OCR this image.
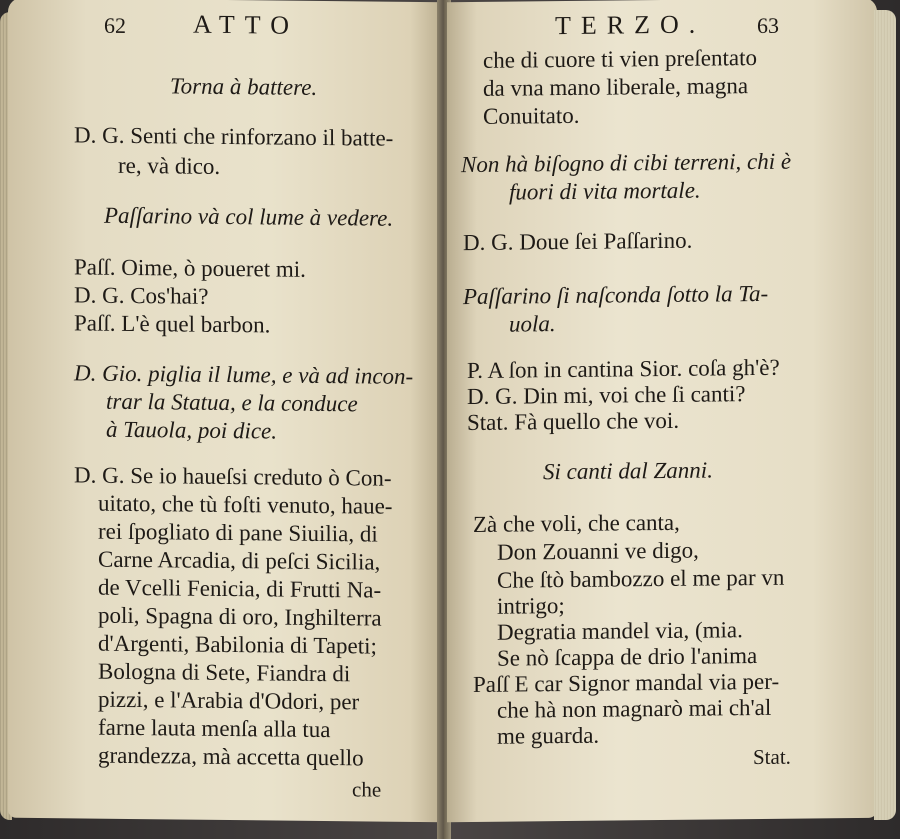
62	ATTO
Torna à battere.
D. G. Senti che rinforzano il batte-
re, và dico.
Paſſarino và col lume à vedere.
Paſſ. Oime, ò poueret mi.
D. G. Cos'hai?
Paſſ. L'è quel barbon.
D. Gio. piglia il lume, e và ad incon-
trar la Statua, e la conduce
à Tauola, poi dice.
D. G. Se io haueſsi creduto ò Con-
uitato, che tù foſti venuto, haue-
rei ſpogliato di pane Siuilia, di
Carne Arcadia, di peſci Sicilia,
de Vcelli Fenicia, di Frutti Na-
poli, Spagna di oro, Inghilterra
d'Argenti, Babilonia di Tapeti;
Bologna di Sete, Fiandra di
pizzi, e l'Arabia d'Odori, per
farne lauta menſa alla tua
grandezza, mà accetta quello
che
TERZO. 63
che di cuore ti vien preſentato
da vna mano liberale, magna
Conuitato.
Non hà biſogno di cibi terreni, chi è
fuori di vita mortale.
D. G. Doue ſei Paſſarino.
Paſſarino ſi naſconda ſotto la Ta-
uola.
P. A ſon in cantina Sior. coſa gh'è?
D. G. Din mi, voi che ſi canti?
Stat. Fà quello che voi.
Si canti dal Zanni.
Zà che voli, che canta,
Don Zouanni ve digo,
Che ſtò bambozzo el me par vn
intrigo;
Degratia mandel via, (mia.
Se nò ſcappa de drio l'anima
Paſſ E car Signor mandal via per-
che hà non magnarò mai ch'al
me guarda.
Stat.
